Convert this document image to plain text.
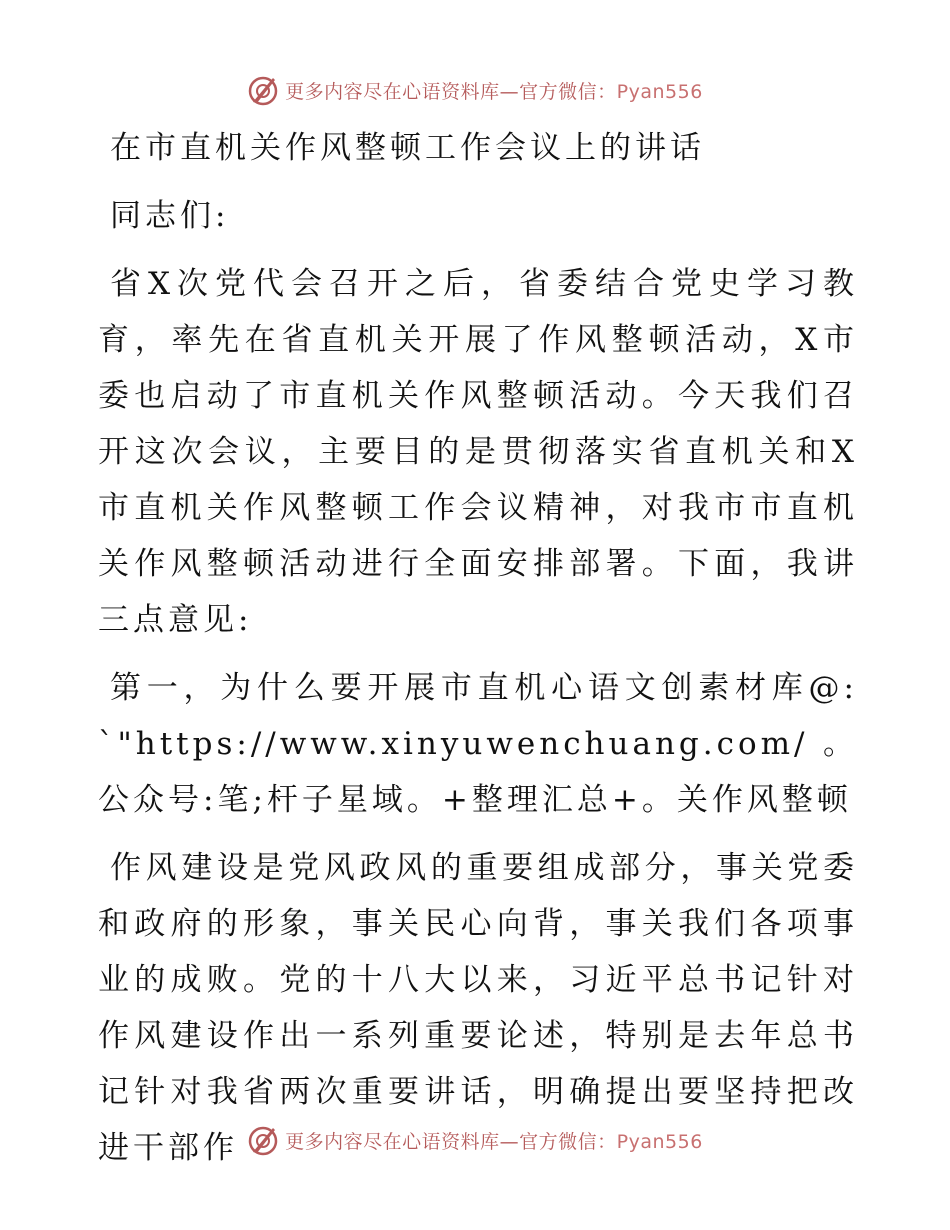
更多内容尽在心语资料库—官方微信：Pyan556

在市直机关作风整顿工作会议上的讲话

同志们:

省X次党代会召开之后，省委结合党史学习教育，率先在省直机关开展了作风整顿活动，X市委也启动了市直机关作风整顿活动。今天我们召开这次会议，主要目的是贯彻落实省直机关和X市直机关作风整顿工作会议精神，对我市市直机关作风整顿活动进行全面安排部署。下面，我讲三点意见:

第一，为什么要开展市直机心语文创素材库@:`"https://www.xinyuwenchuang.com/。公众号:笔;杆子星域。+整理汇总+。关作风整顿

作风建设是党风政风的重要组成部分，事关党委和政府的形象，事关民心向背，事关我们各项事业的成败。党的十八大以来，习近平总书记针对作风建设作出一系列重要论述，特别是去年总书记针对我省两次重要讲话，明确提出要坚持把改进干部作	更多内容尽在心语资料库—官方微信：Pyan556
